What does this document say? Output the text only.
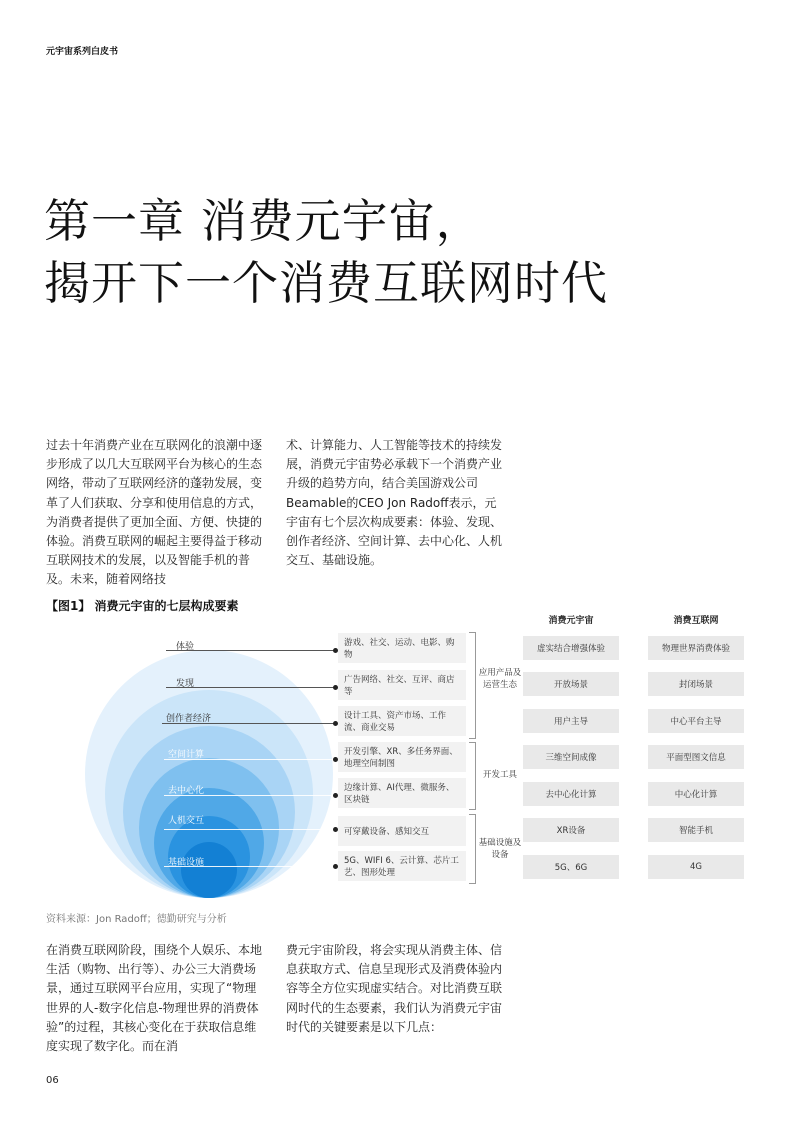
元宇宙系列白皮书
第一章 消费元宇宙，
揭开下一个消费互联网时代

过去十年消费产业在互联网化的浪潮中逐步形成了以几大互联网平台为核心的生态网络，带动了互联网经济的蓬勃发展，变革了人们获取、分享和使用信息的方式，为消费者提供了更加全面、方便、快捷的体验。消费互联网的崛起主要得益于移动互联网技术的发展，以及智能手机的普及。未来，随着网络技

术、计算能力、人工智能等技术的持续发展，消费元宇宙势必承载下一个消费产业升级的趋势方向，结合美国游戏公司Beamable的CEO Jon Radoff表示，元宇宙有七个层次构成要素：体验、发现、创作者经济、空间计算、去中心化、人机交互、基础设施。

【图1】 消费元宇宙的七层构成要素
体验
发现
创作者经济
空间计算
去中心化
人机交互
基础设施
游戏、社交、运动、电影、购物
广告网络、社交、互评、商店等
设计工具、资产市场、工作流、商业交易
开发引擎、XR、多任务界面、地理空间制图
边缘计算、AI代理、微服务、区块链
可穿戴设备、感知交互
5G、WIFI 6、云计算、芯片工艺、图形处理
应用产品及运营生态
开发工具
基础设施及设备
消费元宇宙	消费互联网
虚实结合增强体验	物理世界消费体验
开放场景	封闭场景
用户主导	中心平台主导
三维空间成像	平面型图文信息
去中心化计算	中心化计算
XR设备	智能手机
5G、6G	4G
资料来源：Jon Radoff；德勤研究与分析

在消费互联网阶段，围绕个人娱乐、本地生活（购物、出行等）、办公三大消费场景，通过互联网平台应用，实现了“物理世界的人-数字化信息-物理世界的消费体验”的过程，其核心变化在于获取信息维度实现了数字化。而在消

费元宇宙阶段，将会实现从消费主体、信息获取方式、信息呈现形式及消费体验内容等全方位实现虚实结合。对比消费互联网时代的生态要素，我们认为消费元宇宙时代的关键要素是以下几点：

06
